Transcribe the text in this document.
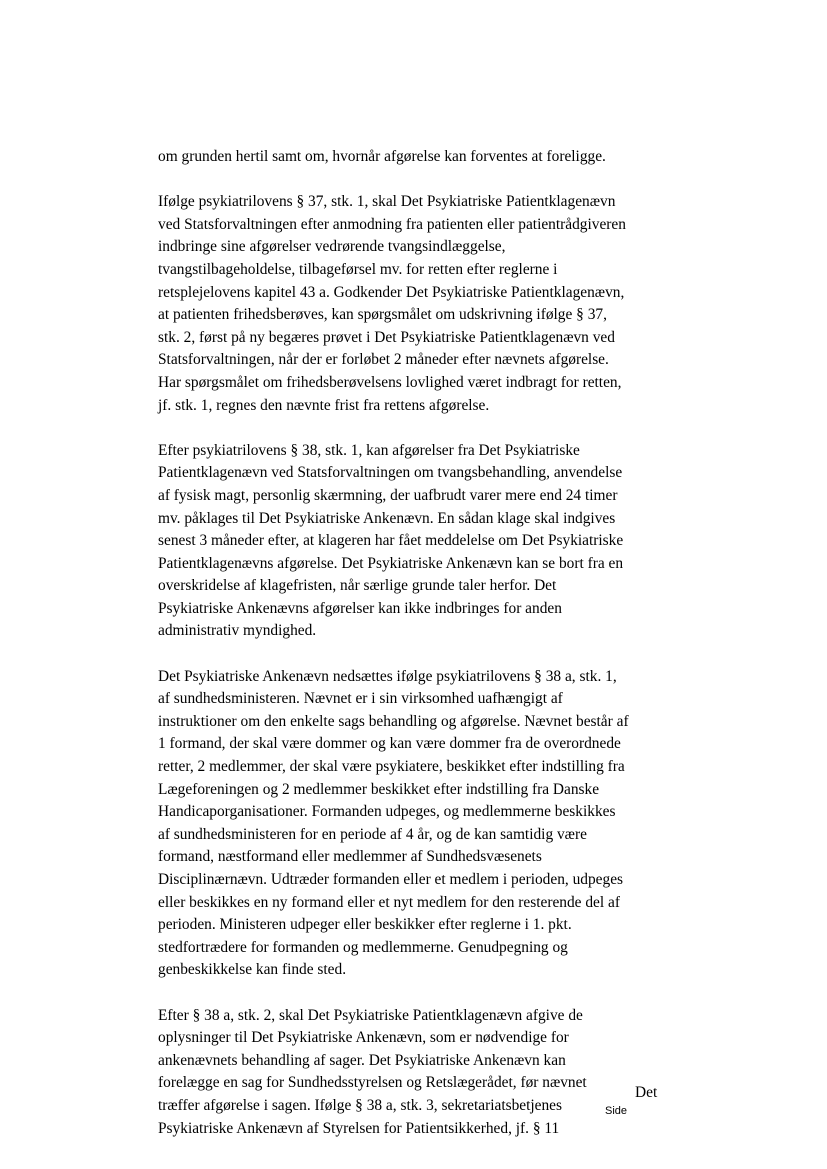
om grunden hertil samt om, hvornår afgørelse kan forventes at foreligge.
Ifølge psykiatrilovens § 37, stk. 1, skal Det Psykiatriske Patientklagenævn
ved Statsforvaltningen efter anmodning fra patienten eller patientrådgiveren
indbringe sine afgørelser vedrørende tvangsindlæggelse,
tvangstilbageholdelse, tilbageførsel mv. for retten efter reglerne i
retsplejelovens kapitel 43 a. Godkender Det Psykiatriske Patientklagenævn,
at patienten frihedsberøves, kan spørgsmålet om udskrivning ifølge § 37,
stk. 2, først på ny begæres prøvet i Det Psykiatriske Patientklagenævn ved
Statsforvaltningen, når der er forløbet 2 måneder efter nævnets afgørelse.
Har spørgsmålet om frihedsberøvelsens lovlighed været indbragt for retten,
jf. stk. 1, regnes den nævnte frist fra rettens afgørelse.
Efter psykiatrilovens § 38, stk. 1, kan afgørelser fra Det Psykiatriske
Patientklagenævn ved Statsforvaltningen om tvangsbehandling, anvendelse
af fysisk magt, personlig skærmning, der uafbrudt varer mere end 24 timer
mv. påklages til Det Psykiatriske Ankenævn. En sådan klage skal indgives
senest 3 måneder efter, at klageren har fået meddelelse om Det Psykiatriske
Patientklagenævns afgørelse. Det Psykiatriske Ankenævn kan se bort fra en
overskridelse af klagefristen, når særlige grunde taler herfor. Det
Psykiatriske Ankenævns afgørelser kan ikke indbringes for anden
administrativ myndighed.
Det Psykiatriske Ankenævn nedsættes ifølge psykiatrilovens § 38 a, stk. 1,
af sundhedsministeren. Nævnet er i sin virksomhed uafhængigt af
instruktioner om den enkelte sags behandling og afgørelse. Nævnet består af
1 formand, der skal være dommer og kan være dommer fra de overordnede
retter, 2 medlemmer, der skal være psykiatere, beskikket efter indstilling fra
Lægeforeningen og 2 medlemmer beskikket efter indstilling fra Danske
Handicaporganisationer. Formanden udpeges, og medlemmerne beskikkes
af sundhedsministeren for en periode af 4 år, og de kan samtidig være
formand, næstformand eller medlemmer af Sundhedsvæsenets
Disciplinærnævn. Udtræder formanden eller et medlem i perioden, udpeges
eller beskikkes en ny formand eller et nyt medlem for den resterende del af
perioden. Ministeren udpeger eller beskikker efter reglerne i 1. pkt.
stedfortrædere for formanden og medlemmerne. Genudpegning og
genbeskikkelse kan finde sted.
Efter § 38 a, stk. 2, skal Det Psykiatriske Patientklagenævn afgive de
oplysninger til Det Psykiatriske Ankenævn, som er nødvendige for
ankenævnets behandling af sager. Det Psykiatriske Ankenævn kan
forelægge en sag for Sundhedsstyrelsen og Retslægerådet, før nævnet
træffer afgørelse i sagen. Ifølge § 38 a, stk. 3, sekretariatsbetjenes
Psykiatriske Ankenævn af Styrelsen for Patientsikkerhed, jf. § 11
Det
Side
